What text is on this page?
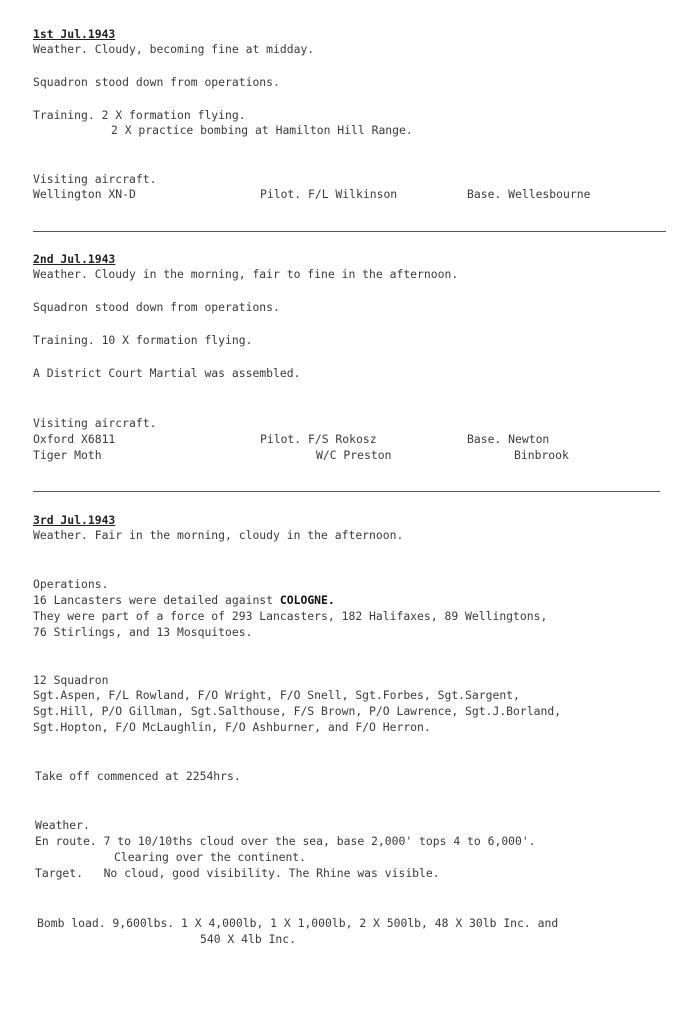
1st Jul.1943
Weather. Cloudy, becoming fine at midday.
Squadron stood down from operations.
Training. 2 X formation flying.
2 X practice bombing at Hamilton Hill Range.
Visiting aircraft.
Wellington XN-D	Pilot. F/L Wilkinson	Base. Wellesbourne
2nd Jul.1943
Weather. Cloudy in the morning, fair to fine in the afternoon.
Squadron stood down from operations.
Training. 10 X formation flying.
A District Court Martial was assembled.
Visiting aircraft.
Oxford X6811	Pilot. F/S Rokosz	Base. Newton
Tiger Moth	W/C Preston	Binbrook
3rd Jul.1943
Weather. Fair in the morning, cloudy in the afternoon.
Operations.
16 Lancasters were detailed against COLOGNE.
They were part of a force of 293 Lancasters, 182 Halifaxes, 89 Wellingtons,
76 Stirlings, and 13 Mosquitoes.
12 Squadron
Sgt.Aspen, F/L Rowland, F/O Wright, F/O Snell, Sgt.Forbes, Sgt.Sargent,
Sgt.Hill, P/O Gillman, Sgt.Salthouse, F/S Brown, P/O Lawrence, Sgt.J.Borland,
Sgt.Hopton, F/O McLaughlin, F/O Ashburner, and F/O Herron.
Take off commenced at 2254hrs.
Weather.
En route. 7 to 10/10ths cloud over the sea, base 2,000' tops 4 to 6,000'.
Clearing over the continent.
Target.   No cloud, good visibility. The Rhine was visible.
Bomb load. 9,600lbs. 1 X 4,000lb, 1 X 1,000lb, 2 X 500lb, 48 X 30lb Inc. and
540 X 4lb Inc.
